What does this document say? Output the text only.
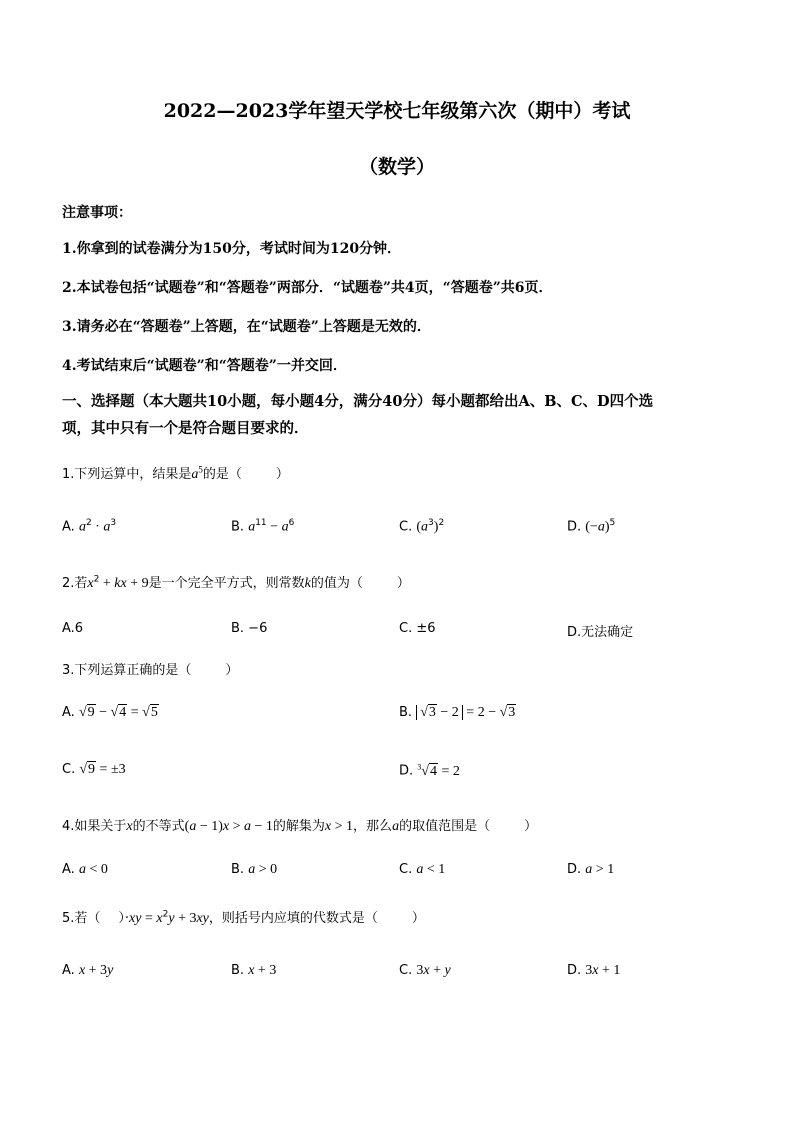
2022—2023学年望天学校七年级第六次（期中）考试
（数学）
注意事项：
1.你拿到的试卷满分为150分，考试时间为120分钟．
2.本试卷包括“试题卷”和“答题卷”两部分．“试题卷”共4页，“答题卷”共6页．
3.请务必在“答题卷”上答题，在“试题卷”上答题是无效的．
4.考试结束后“试题卷”和“答题卷”一并交回．
一、选择题（本大题共10小题，每小题4分，满分40分）每小题都给出A、B、C、D四个选
项，其中只有一个是符合题目要求的．
1.下列运算中，结果是$a^5$的是（	）
A. $a^2 \cdot a^3$	B. $a^{11} - a^6$	C. $(a^3)^2$	D. $(-a)^5$
2.若$x^2$ + kx + 9是一个完全平方式，则常数k的值为（	）
A.6	B. −6	C. ±6	D.无法确定
3.下列运算正确的是（	）
A. √9 − √4 = √5	B. √3 − 2 = 2 − √3
C. √9 = ±3	D. $^3$√4 = 2
4.如果关于x的不等式(a − 1)x > a − 1的解集为x > 1，那么a的取值范围是（	）
A. a < 0	B. a > 0	C. a < 1	D. a > 1
5.若（ ）$\cdot xy = x^2y + 3xy$，则括号内应填的代数式是（	）
A. x + 3y	B. x + 3	C. 3x + y	D. 3x + 1
